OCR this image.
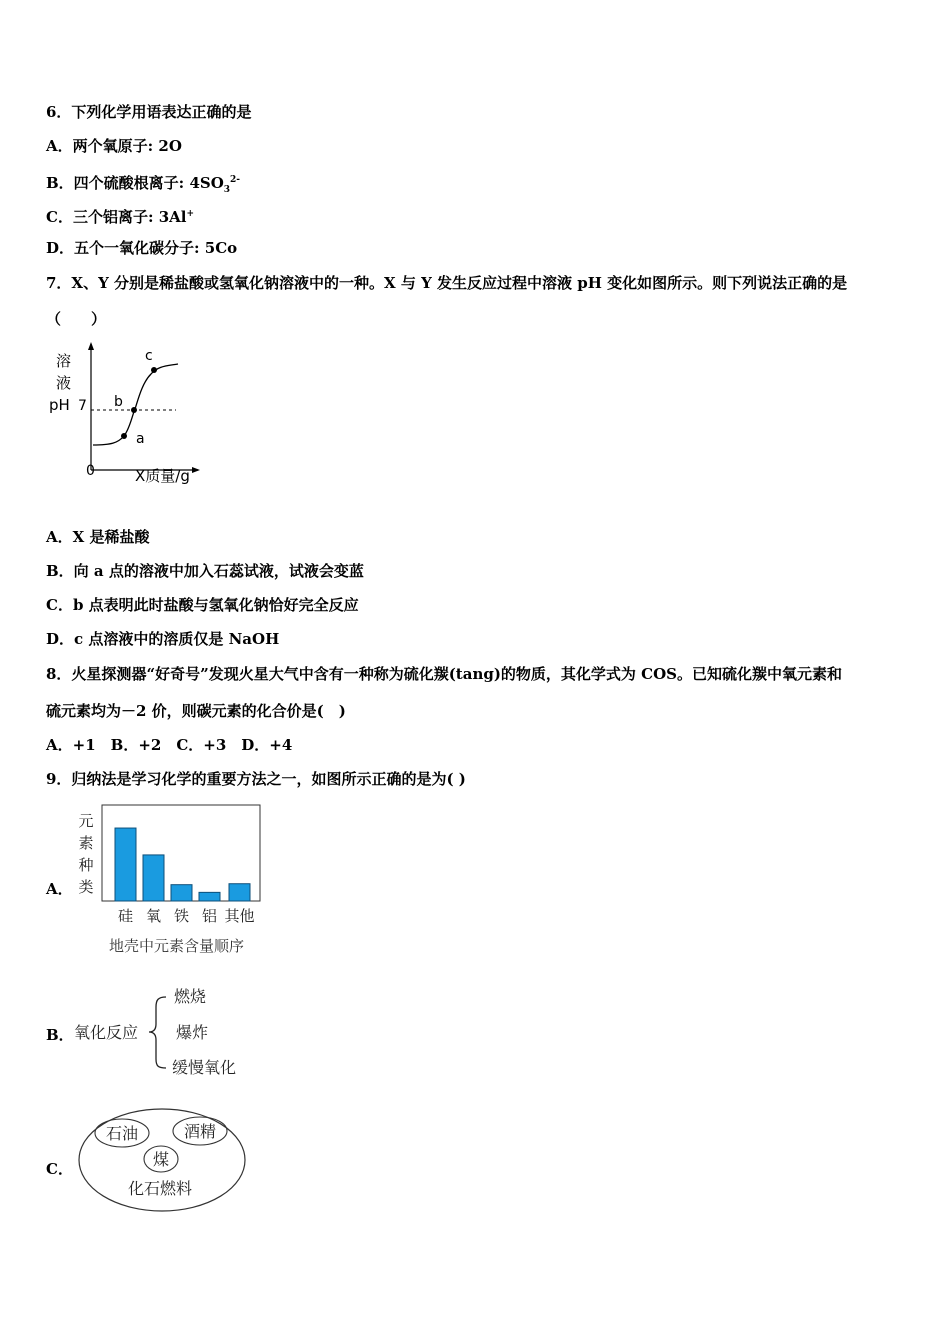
6．下列化学用语表达正确的是
A．两个氧原子: 2O
B．四个硫酸根离子: $4SO_3^{2-}$
C．三个铝离子: 3Al+
D．五个一氧化碳分子: 5Co
7．X、Y 分别是稀盐酸或氢氧化钠溶液中的一种。X 与 Y 发生反应过程中溶液 pH 变化如图所示。则下列说法正确的是
（　　）
溶
液
pH 7
0
a
b
c
X质量/g
A．X 是稀盐酸
B．向 a 点的溶液中加入石蕊试液，试液会变蓝
C．b 点表明此时盐酸与氢氧化钠恰好完全反应
D．c 点溶液中的溶质仅是 NaOH
8．火星探测器“好奇号”发现火星大气中含有一种称为硫化羰(tang)的物质，其化学式为 COS。已知硫化羰中氧元素和
硫元素均为－2 价，则碳元素的化合价是(　)
A．+1　B．+2　C．+3　D．+4
9．归纳法是学习化学的重要方法之一，如图所示正确的是为( )
A．
元
素
种
类
硅 氧 铁 铝 其他
地壳中元素含量顺序
B． 氧化反应
燃烧
爆炸
缓慢氧化
C．
石油	酒精
煤
化石燃料
